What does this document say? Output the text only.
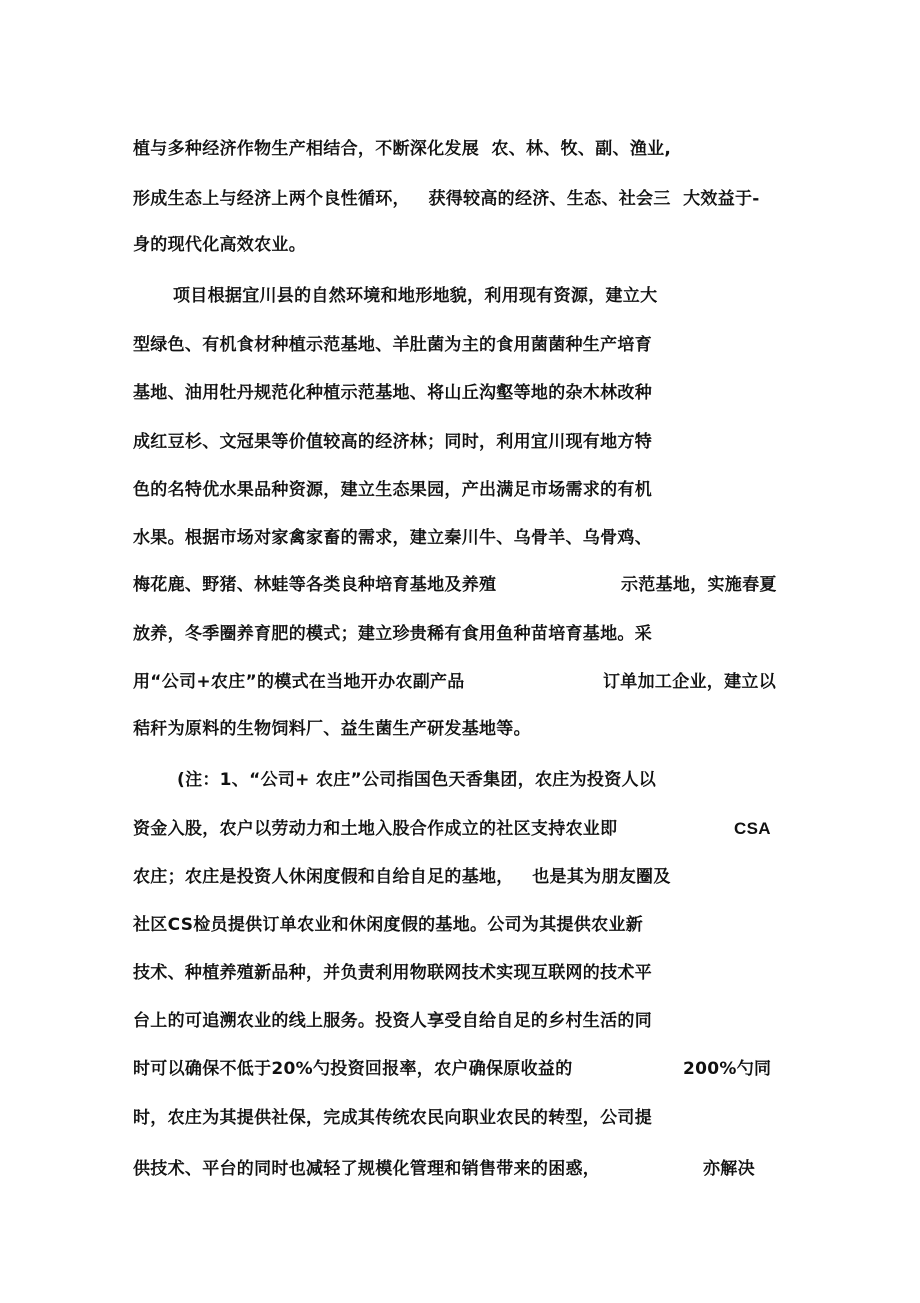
植与多种经济作物生产相结合，不断深化发展  农、林、牧、副、渔业,

形成生态上与经济上两个良性循环，   获得较高的经济、生态、社会三  大效益于-

身的现代化高效农业。

项目根据宜川县的自然环境和地形地貌，利用现有资源，建立大

型绿色、有机食材种植示范基地、羊肚菌为主的食用菌菌种生产培育

基地、油用牡丹规范化种植示范基地、将山丘沟壑等地的杂木林改种

成红豆杉、文冠果等价值较高的经济林；同时，利用宜川现有地方特

色的名特优水果品种资源，建立生态果园，产出满足市场需求的有机

水果。根据市场对家禽家畜的需求，建立秦川牛、乌骨羊、乌骨鸡、

梅花鹿、野猪、林蛙等各类良种培育基地及养殖	示范基地，实施春夏

放养，冬季圈养育肥的模式；建立珍贵稀有食用鱼种苗培育基地。采

用“公司+农庄”的模式在当地开办农副产品	订单加工企业，建立以

秸秆为原料的生物饲料厂、益生菌生产研发基地等。

(注：1、“公司+ 农庄”公司指国色天香集团，农庄为投资人以

资金入股，农户以劳动力和土地入股合作成立的社区支持农业即	CSA

农庄；农庄是投资人休闲度假和自给自足的基地，   也是其为朋友圈及

社区CS检员提供订单农业和休闲度假的基地。公司为其提供农业新

技术、种植养殖新品种，并负责利用物联网技术实现互联网的技术平

台上的可追溯农业的线上服务。投资人享受自给自足的乡村生活的同

时可以确保不低于20%勺投资回报率，农户确保原收益的	200%勺同

时，农庄为其提供社保，完成其传统农民向职业农民的转型，公司提

供技术、平台的同时也减轻了规模化管理和销售带来的困惑，	亦解决
